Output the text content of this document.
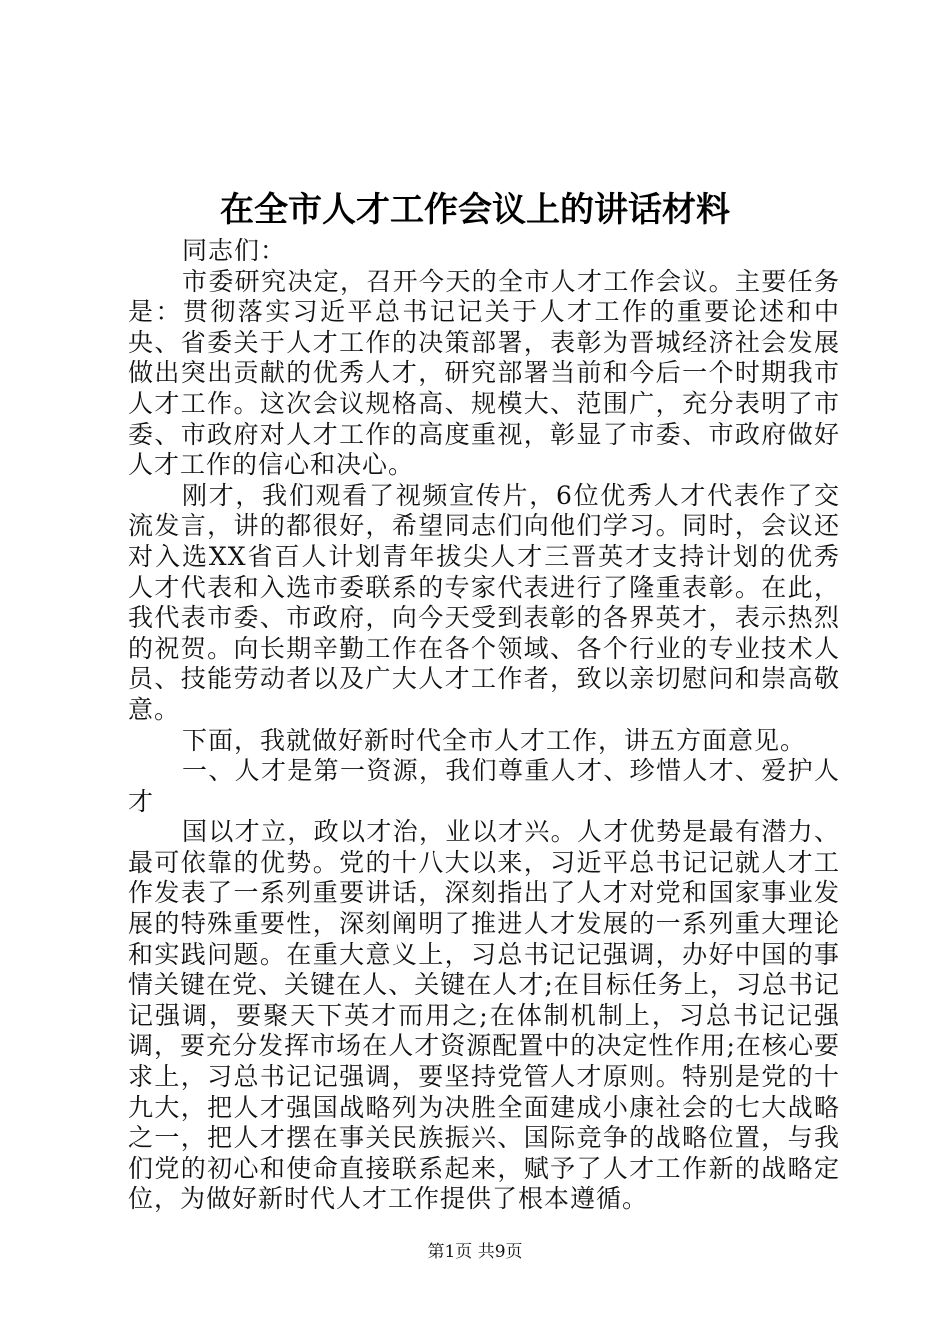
在全市人才工作会议上的讲话材料

同志们：

市委研究决定，召开今天的全市人才工作会议。主要任务是：贯彻落实习近平总书记记关于人才工作的重要论述和中央、省委关于人才工作的决策部署，表彰为晋城经济社会发展做出突出贡献的优秀人才，研究部署当前和今后一个时期我市人才工作。这次会议规格高、规模大、范围广，充分表明了市委、市政府对人才工作的高度重视，彰显了市委、市政府做好人才工作的信心和决心。

刚才，我们观看了视频宣传片，6位优秀人才代表作了交流发言，讲的都很好，希望同志们向他们学习。同时，会议还对入选XX省百人计划青年拔尖人才三晋英才支持计划的优秀人才代表和入选市委联系的专家代表进行了隆重表彰。在此，我代表市委、市政府，向今天受到表彰的各界英才，表示热烈的祝贺。向长期辛勤工作在各个领域、各个行业的专业技术人员、技能劳动者以及广大人才工作者，致以亲切慰问和崇高敬意。

下面，我就做好新时代全市人才工作，讲五方面意见。

一、人才是第一资源，我们尊重人才、珍惜人才、爱护人才

国以才立，政以才治，业以才兴。人才优势是最有潜力、最可依靠的优势。党的十八大以来，习近平总书记记就人才工作发表了一系列重要讲话，深刻指出了人才对党和国家事业发展的特殊重要性，深刻阐明了推进人才发展的一系列重大理论和实践问题。在重大意义上，习总书记记强调，办好中国的事情关键在党、关键在人、关键在人才;在目标任务上，习总书记记强调，要聚天下英才而用之;在体制机制上，习总书记记强调，要充分发挥市场在人才资源配置中的决定性作用;在核心要求上，习总书记记强调，要坚持党管人才原则。特别是党的十九大，把人才强国战略列为决胜全面建成小康社会的七大战略之一，把人才摆在事关民族振兴、国际竞争的战略位置，与我们党的初心和使命直接联系起来，赋予了人才工作新的战略定位，为做好新时代人才工作提供了根本遵循。

第1页 共9页
